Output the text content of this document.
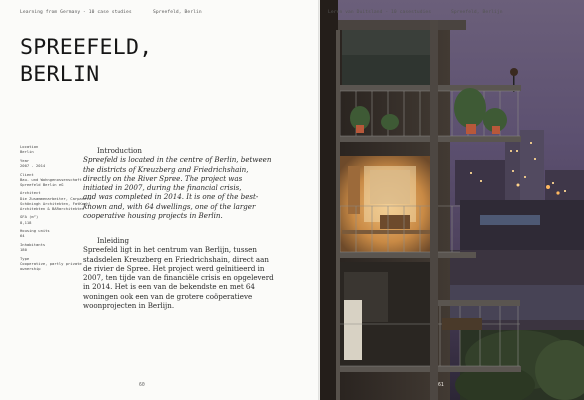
Learning from Germany - 10 case studies	Spreefeld, Berlin
SPREEFELD,
BERLIN
Location
Berlin
Year
2007 - 2014
Client
Bau- und Wohngenossenschaft
Spreefeld Berlin eG
Architect
Die Zusammenarbeiter, Carpaneto
Schöningh Architekten, FatKoehl
Architekten & BARarchitekten
GFA (m²)
8,118
Housing units
64
Inhabitants
180
Type
Cooperative, partly private
ownership
Introduction
Spreefeld is located in the centre of Berlin, between
the districts of Kreuzberg and Friedrichshain,
directly on the River Spree. The project was
initiated in 2007, during the financial crisis,
and was completed in 2014. It is one of the best-
known and, with 64 dwellings, one of the larger
cooperative housing projects in Berlin.
Inleiding
Spreefeld ligt in het centrum van Berlijn, tussen
stadsdelen Kreuzberg en Friedrichshain, direct aan
de rivier de Spree. Het project werd geïnitieerd in
2007, ten tijde van de financiële crisis en opgeleverd
in 2014. Het is een van de bekendste en met 64
woningen ook een van de grotere coöperatieve
woonprojecten in Berlijn.
60
Leren van Duitsland - 10 casestudies	Spreefeld, Berlijn
61
